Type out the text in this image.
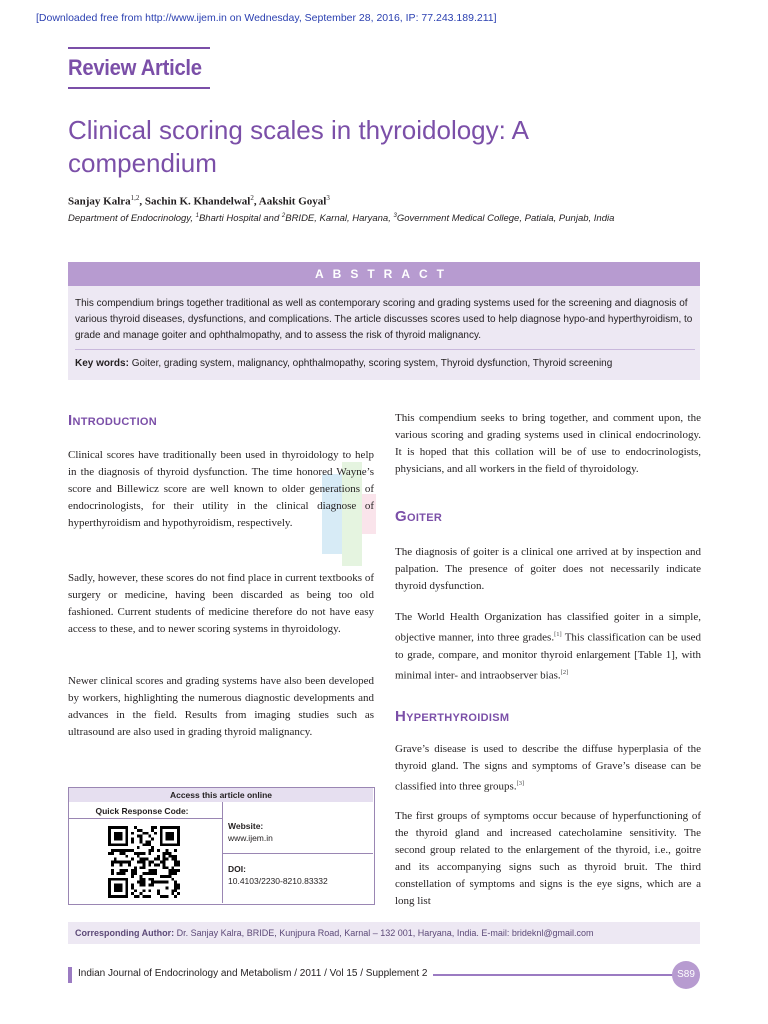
[Downloaded free from http://www.ijem.in on Wednesday, September 28, 2016, IP: 77.243.189.211]
Review Article
Clinical scoring scales in thyroidology: A compendium
Sanjay Kalra$^{1,2}$, Sachin K. Khandelwal$^2$, Aakshit Goyal$^3$
Department of Endocrinology, $^1$Bharti Hospital and $^2$BRIDE, Karnal, Haryana, $^3$Government Medical College, Patiala, Punjab, India
ABSTRACT
This compendium brings together traditional as well as contemporary scoring and grading systems used for the screening and diagnosis of various thyroid diseases, dysfunctions, and complications. The article discusses scores used to help diagnose hypo-and hyperthyroidism, to grade and manage goiter and ophthalmopathy, and to assess the risk of thyroid malignancy.
Key words: Goiter, grading system, malignancy, ophthalmopathy, scoring system, Thyroid dysfunction, Thyroid screening
Introduction
Clinical scores have traditionally been used in thyroidology to help in the diagnosis of thyroid dysfunction. The time honored Wayne’s score and Billewicz score are well known to older generations of endocrinologists, for their utility in the clinical diagnose of hyperthyroidism and hypothyroidism, respectively.
Sadly, however, these scores do not find place in current textbooks of surgery or medicine, having been discarded as being too old fashioned. Current students of medicine therefore do not have easy access to these, and to newer scoring systems in thyroidology.
Newer clinical scores and grading systems have also been developed by workers, highlighting the numerous diagnostic developments and advances in the field. Results from imaging studies such as ultrasound are also used in grading thyroid malignancy.
Access this article online
Quick Response Code:
Website:
www.ijem.in
DOI:
10.4103/2230-8210.83332
This compendium seeks to bring together, and comment upon, the various scoring and grading systems used in clinical endocrinology. It is hoped that this collation will be of use to endocrinologists, physicians, and all workers in the field of thyroidology.
Goiter
The diagnosis of goiter is a clinical one arrived at by inspection and palpation. The presence of goiter does not necessarily indicate thyroid dysfunction.
The World Health Organization has classified goiter in a simple, objective manner, into three grades.[1] This classification can be used to grade, compare, and monitor thyroid enlargement [Table 1], with minimal inter- and intraobserver bias.[2]
Hyperthyroidism
Grave’s disease is used to describe the diffuse hyperplasia of the thyroid gland. The signs and symptoms of Grave’s disease can be classified into three groups.[3]
The first groups of symptoms occur because of hyperfunctioning of the thyroid gland and increased catecholamine sensitivity. The second group related to the enlargement of the thyroid, i.e., goitre and its accompanying signs such as thyroid bruit. The third constellation of symptoms and signs is the eye signs, which are a long list
Corresponding Author: Dr. Sanjay Kalra, BRIDE, Kunjpura Road, Karnal – 132 001, Haryana, India. E-mail: brideknl@gmail.com
Indian Journal of Endocrinology and Metabolism / 2011 / Vol 15 / Supplement 2	S89
